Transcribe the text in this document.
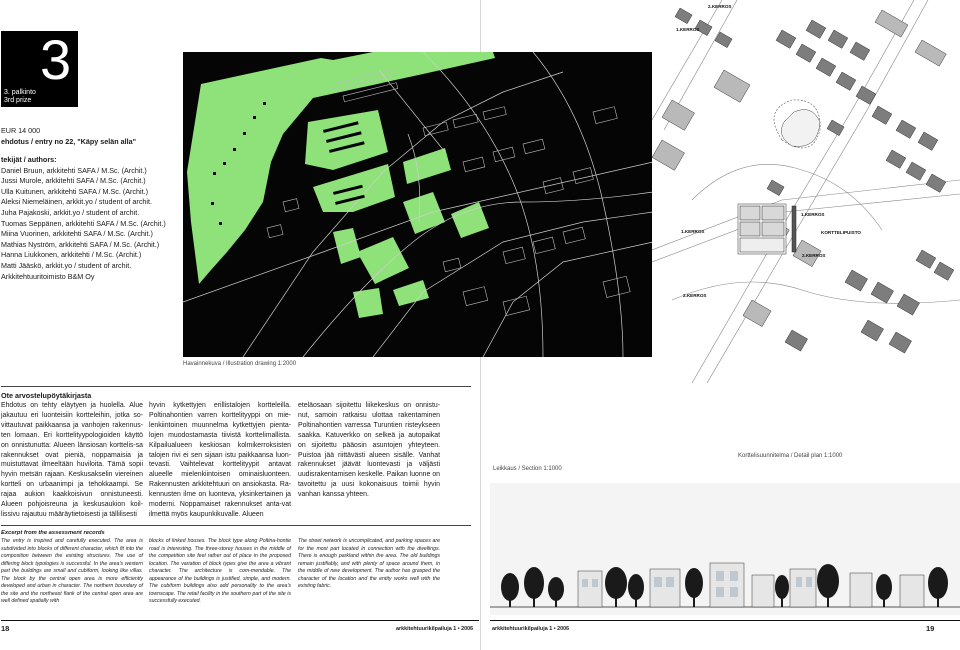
3
3. palkinto
3rd prize
EUR 14 000
ehdotus / entry no 22, "Käpy selän alla"
tekijät / authors:
Daniel Bruun, arkkitehti SAFA / M.Sc. (Archit.)
Jussi Murole, arkkitehti SAFA / M.Sc. (Archit.)
Ulla Kuitunen, arkkitehti SAFA / M.Sc. (Archit.)
Aleksi Niemeläinen, arkkit.yo / student of archit.
Juha Pajakoski, arkkit.yo / student of archit.
Tuomas Seppänen, arkkitehti SAFA / M.Sc. (Archit.)
Miina Vuorinen, arkkitehti SAFA / M.Sc. (Archit.)
Mathias Nyström, arkkitehti SAFA / M.Sc. (Archit.)
Hanna Liukkonen, arkkitehti / M.Sc. (Archit.)
Matti Jääskö, arkkit.yo / student of archit.
Arkkitehtuuritoimisto B&M Oy
Havainnekuva / Illustration drawing 1:2000
Ote arvostelupöytäkirjasta
Ehdotus on tehty eläytyen ja huolella. Alue jakautuu eri luonteisiin kortteleihin, jotka so-vittautuvat paikkaansa ja vanhojen rakennus-ten lomaan. Eri korttelityypologioiden käyttö on onnistunutta: Alueen länsiosan korttelis-sa rakennukset ovat pieniä, noppamaisia ja muistuttavat ilmeeltään huviloita. Tämä sopii hyvin metsän rajaan. Keskusakselin viereinen kortteli on urbaanimpi ja tehokkaampi. Se rajaa aukion kaakkoisivun onnistuneesti. Alueen pohjoisreuna ja keskusaukion koil-lissivu rajautuu määräytietoisesti ja tällilisesti
hyvin kytkettyjen erillistalojen kortteleilla. Poltinahontien varren korttelityyppi on mie-lenkiintoinen muunnelma kytkettyjen pienta-lojen muodostamasta tiivistä korttelimallista. Kilpailualueen keskiosan kolmikerroksisten talojen rivi ei sen sijaan istu paikkaansa luon-tevasti. Vaihtelevat korttelityypit antavat alueelle mielenkiintoisen ominaisluonteen. Rakennusten arkkitehtuuri on ansiokasta. Ra-kennusten ilme on luonteva, yksinkertainen ja moderni. Noppamaiset rakennukset anta-vat ilmettä myös kaupunkikuvalle. Alueen
eteläosaan sijoitettu liikekeskus on onnistu-nut, samoin ratkaisu ulottaa rakentaminen Poltinahontien varressa Turuntien risteykseen saakka. Katuverkko on selkeä ja autopaikat on sijoitettu pääosin asuntojen yhteyteen. Puistoa jää riittävästi alueen sisälle. Vanhat rakennukset jäävät luontevasti ja väljästi uudisrakentamisen keskelle. Paikan luonne on tavoitettu ja uusi kokonaisuus toimii hyvin vanhan kanssa yhteen.
Excerpt from the assessment records
The entry is inspired and carefully executed. The area is subdivided into blocks of different character, which fit into the composition between the existing structures. The use of differing block typologies is successful. In the area's western part the buildings are small and cubiform, looking like villas. The block by the central open area is more efficiently developed and urban in character. The northern boundary of the site and the northeast flank of the central open area are well defined spatially with
blocks of linked houses. The block type along Poltina-hontie road is interesting. The three-storey houses in the middle of the competition site feel rather out of place in the proposed location. The variation of block types give the area a vibrant character. The architecture is com-mendable. The appearance of the buildings is justified, simple, and modern. The cubiform buildings also add personality to the area's townscape. The retail facility in the southern part of the site is successfully executed.
The street network is uncomplicated, and parking spaces are for the most part located in connection with the dwellings. There is enough parkland within the area. The old buildings remain justifiably, and with plenty of space around them, in the middle of new development. The author has grasped the character of the location and the entity works well with the existing fabric.
18	arkkitehtuurikilpailuja 1 • 2006
2.KERROS
1.KERROS
1.KERROS
1.KERROS
KORTTELIPUISTO
2.KERROS
2.KERROS
Leikkaus / Section 1:1000
Korttelisuunnitelma / Detail plan 1:1000
arkkitehtuurikilpailuja 1 • 2006	19
